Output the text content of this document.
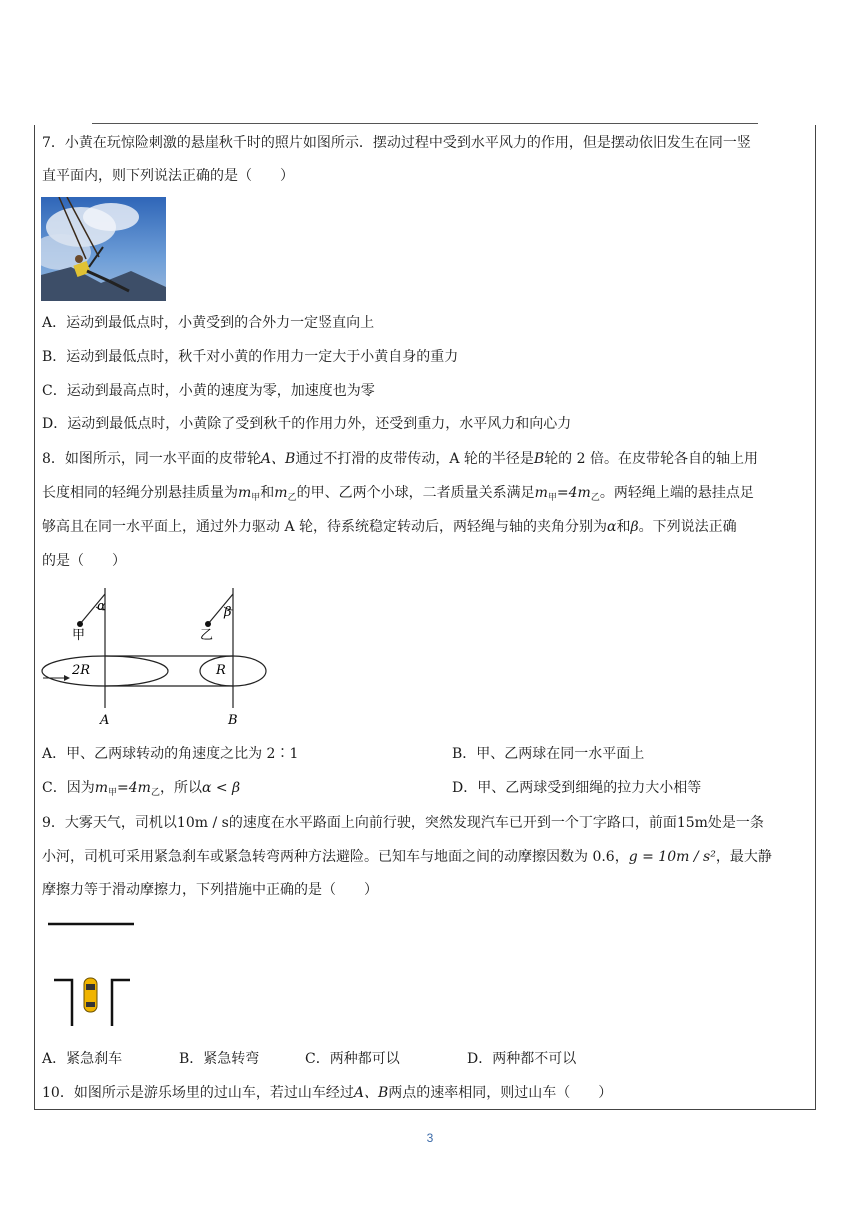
7．小黄在玩惊险刺激的悬崖秋千时的照片如图所示．摆动过程中受到水平风力的作用，但是摆动依旧发生在同一竖
直平面内，则下列说法正确的是（　　）
A．运动到最低点时，小黄受到的合外力一定竖直向上
B．运动到最低点时，秋千对小黄的作用力一定大于小黄自身的重力
C．运动到最高点时，小黄的速度为零，加速度也为零
D．运动到最低点时，小黄除了受到秋千的作用力外，还受到重力，水平风力和向心力
8．如图所示，同一水平面的皮带轮A、B通过不打滑的皮带传动，A 轮的半径是B轮的 2 倍。在皮带轮各自的轴上用
长度相同的轻绳分别悬挂质量为$m_甲$和$m_乙$的甲、乙两个小球，二者质量关系满足$m_甲=4m_乙$。两轻绳上端的悬挂点足
够高且在同一水平面上，通过外力驱动 A 轮，待系统稳定转动后，两轻绳与轴的夹角分别为α和β。下列说法正确
的是（　　）
α	β
甲	乙
2R	R
A	B
A．甲、乙两球转动的角速度之比为 2∶1	B．甲、乙两球在同一水平面上
C．因为$m_甲=4m_乙$，所以α < β	D．甲、乙两球受到细绳的拉力大小相等
9．大雾天气，司机以10m / s的速度在水平路面上向前行驶，突然发现汽车已开到一个丁字路口，前面15m处是一条
小河，司机可采用紧急刹车或紧急转弯两种方法避险。已知车与地面之间的动摩擦因数为 0.6，g = 10m / s²，最大静
摩擦力等于滑动摩擦力，下列措施中正确的是（　　）
A．紧急刹车	B．紧急转弯	C．两种都可以	D．两种都不可以
10．如图所示是游乐场里的过山车，若过山车经过A、B两点的速率相同，则过山车（　　）
3
